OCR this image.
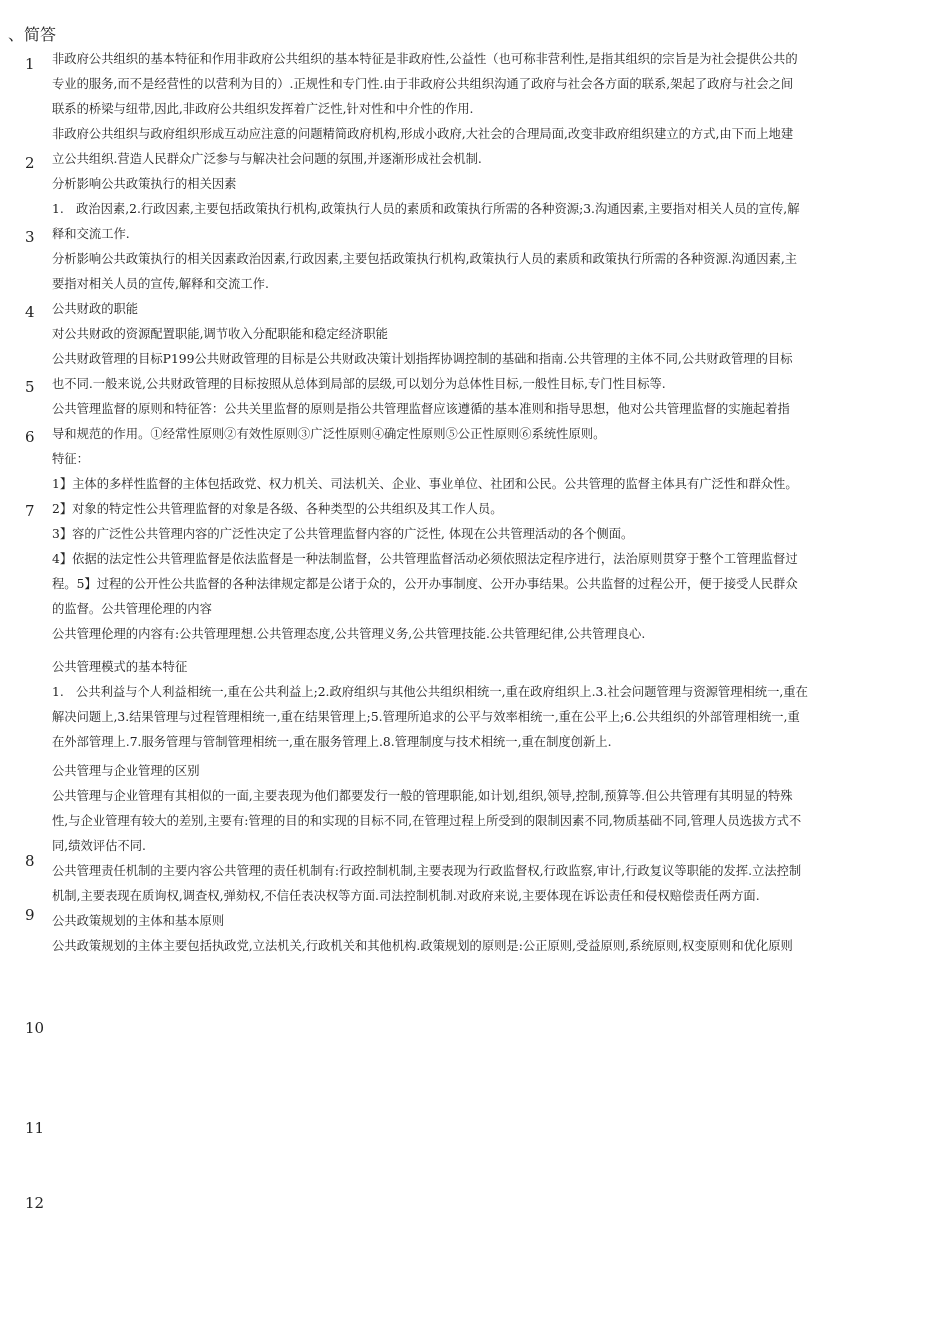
、简答
1
2
3
4
5
6
7
8
9
10
11
12
非政府公共组织的基本特征和作用非政府公共组织的基本特征是非政府性,公益性（也可称非营利性,是指其组织的宗旨是为社会提供公共的
专业的服务,而不是经营性的以营利为目的）.正规性和专门性.由于非政府公共组织沟通了政府与社会各方面的联系,架起了政府与社会之间
联系的桥梁与纽带,因此,非政府公共组织发挥着广泛性,针对性和中介性的作用.
非政府公共组织与政府组织形成互动应注意的问题精简政府机构,形成小政府,大社会的合理局面,改变非政府组织建立的方式,由下而上地建
立公共组织.营造人民群众广泛参与与解决社会问题的氛围,并逐渐形成社会机制.
分析影响公共政策执行的相关因素
1.　政治因素,2.行政因素,主要包括政策执行机构,政策执行人员的素质和政策执行所需的各种资源;3.沟通因素,主要指对相关人员的宣传,解
释和交流工作.
分析影响公共政策执行的相关因素政治因素,行政因素,主要包括政策执行机构,政策执行人员的素质和政策执行所需的各种资源.沟通因素,主
要指对相关人员的宣传,解释和交流工作.
公共财政的职能
对公共财政的资源配置职能,调节收入分配职能和稳定经济职能
公共财政管理的目标P199公共财政管理的目标是公共财政决策计划指挥协调控制的基础和指南.公共管理的主体不同,公共财政管理的目标
也不同.一般来说,公共财政管理的目标按照从总体到局部的层级,可以划分为总体性目标,一般性目标,专门性目标等.
公共管理监督的原则和特征答：公共关里监督的原则是指公共管理监督应该遵循的基本准则和指导思想，他对公共管理监督的实施起着指
导和规范的作用。①经常性原则②有效性原则③广泛性原则④确定性原则⑤公正性原则⑥系统性原则。
特征：
1】主体的多样性监督的主体包括政党、权力机关、司法机关、企业、事业单位、社团和公民。公共管理的监督主体具有广泛性和群众性。
2】对象的特定性公共管理监督的对象是各级、各种类型的公共组织及其工作人员。
3】容的广泛性公共管理内容的广泛性决定了公共管理监督内容的广泛性, 体现在公共管理活动的各个侧面。
4】依据的法定性公共管理监督是依法监督是一种法制监督，公共管理监督活动必须依照法定程序进行，法治原则贯穿于整个工管理监督过
程。5】过程的公开性公共监督的各种法律规定都是公诸于众的，公开办事制度、公开办事结果。公共监督的过程公开，便于接受人民群众
的监督。公共管理伦理的内容
公共管理伦理的内容有:公共管理理想.公共管理态度,公共管理义务,公共管理技能.公共管理纪律,公共管理良心.
公共管理模式的基本特征
1.　公共利益与个人利益相统一,重在公共利益上;2.政府组织与其他公共组织相统一,重在政府组织上.3.社会问题管理与资源管理相统一,重在
解决问题上,3.结果管理与过程管理相统一,重在结果管理上;5.管理所追求的公平与效率相统一,重在公平上;6.公共组织的外部管理相统一,重
在外部管理上.7.服务管理与管制管理相统一,重在服务管理上.8.管理制度与技术相统一,重在制度创新上.
公共管理与企业管理的区别
公共管理与企业管理有其相似的一面,主要表现为他们都要发行一般的管理职能,如计划,组织,领导,控制,预算等.但公共管理有其明显的特殊
性,与企业管理有较大的差别,主要有:管理的目的和实现的目标不同,在管理过程上所受到的限制因素不同,物质基础不同,管理人员选拔方式不
同,绩效评估不同.
公共管理责任机制的主要内容公共管理的责任机制有:行政控制机制,主要表现为行政监督权,行政监察,审计,行政复议等职能的发挥.立法控制
机制,主要表现在质询权,调查权,弹劾权,不信任表决权等方面.司法控制机制.对政府来说,主要体现在诉讼责任和侵权赔偿责任两方面.
公共政策规划的主体和基本原则
公共政策规划的主体主要包括执政党,立法机关,行政机关和其他机构.政策规划的原则是:公正原则,受益原则,系统原则,权变原则和优化原则
